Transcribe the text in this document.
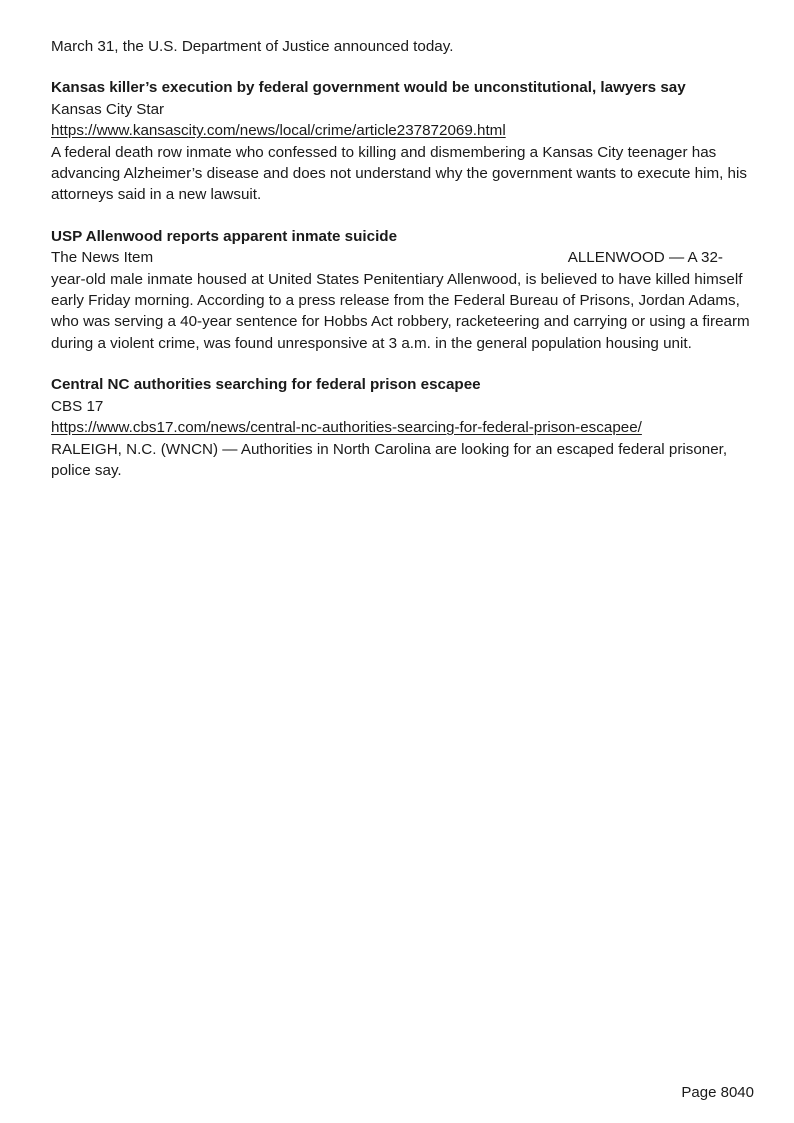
March 31, the U.S. Department of Justice announced today.

Kansas killer’s execution by federal government would be unconstitutional, lawyers say

Kansas City Star

https://www.kansascity.com/news/local/crime/article237872069.html

A federal death row inmate who confessed to killing and dismembering a Kansas City teenager has advancing Alzheimer’s disease and does not understand why the government wants to execute him, his attorneys said in a new lawsuit.

USP Allenwood reports apparent inmate suicide

The News Item	ALLENWOOD — A 32-

year-old male inmate housed at United States Penitentiary Allenwood, is believed to have killed himself early Friday morning. According to a press release from the Federal Bureau of Prisons, Jordan Adams, who was serving a 40-year sentence for Hobbs Act robbery, racketeering and carrying or using a firearm during a violent crime, was found unresponsive at 3 a.m. in the general population housing unit.

Central NC authorities searching for federal prison escapee

CBS 17

https://www.cbs17.com/news/central-nc-authorities-searcing-for-federal-prison-escapee/

RALEIGH, N.C. (WNCN) — Authorities in North Carolina are looking for an escaped federal prisoner, police say.

Page 8040
